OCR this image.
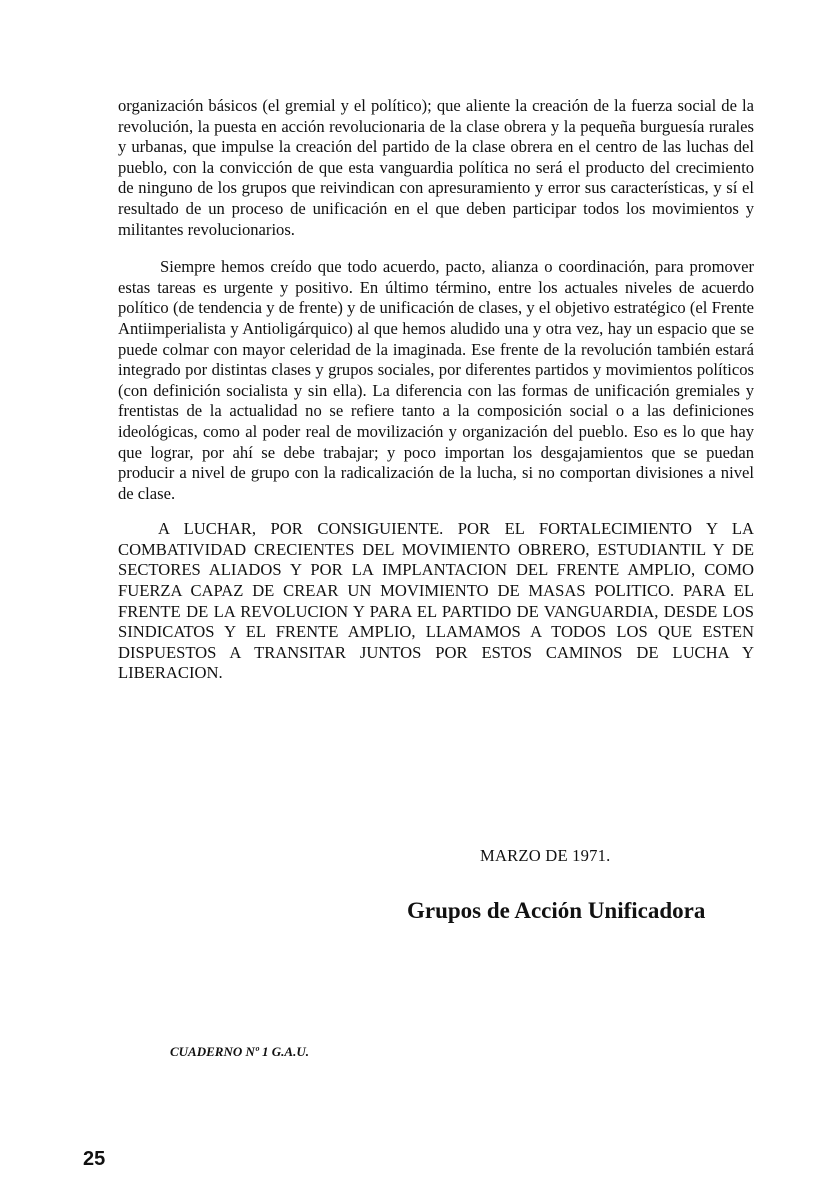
organización básicos (el gremial y el político); que aliente la creación de la fuerza social de la revolución, la puesta en acción revolucionaria de la clase obrera y la pequeña burguesía rurales y urbanas, que impulse la creación del partido de la clase obrera en el centro de las luchas del pueblo, con la convicción de que esta vanguardia política no será el producto del crecimiento de ninguno de los grupos que reivindican con apresuramiento y error sus características, y sí el resultado de un proceso de unificación en el que deben participar todos los movimientos y militantes revolucionarios.

Siempre hemos creído que todo acuerdo, pacto, alianza o coordinación, para promover estas tareas es urgente y positivo. En último término, entre los actuales niveles de acuerdo político (de tendencia y de frente) y de unificación de clases, y el objetivo estratégico (el Frente Antiimperialista y Antioligárquico) al que hemos aludido una y otra vez, hay un espacio que se puede colmar con mayor celeridad de la imaginada. Ese frente de la revolución también estará integrado por distintas clases y grupos sociales, por diferentes partidos y movimientos políticos (con definición socialista y sin ella). La diferencia con las formas de unificación gremiales y frentistas de la actualidad no se refiere tanto a la composición social o a las definiciones ideológicas, como al poder real de movilización y organización del pueblo. Eso es lo que hay que lograr, por ahí se debe trabajar; y poco importan los desgajamientos que se puedan producir a nivel de grupo con la radicalización de la lucha, si no comportan divisiones a nivel de clase.

A LUCHAR, POR CONSIGUIENTE. POR EL FORTALECIMIENTO Y LA COMBATIVIDAD CRECIENTES DEL MOVIMIENTO OBRERO, ESTUDIANTIL Y DE SECTORES ALIADOS Y POR LA IMPLANTACION DEL FRENTE AMPLIO, COMO FUERZA CAPAZ DE CREAR UN MOVIMIENTO DE MASAS POLITICO. PARA EL FRENTE DE LA REVOLUCION Y PARA EL PARTIDO DE VANGUARDIA, DESDE LOS SINDICATOS Y EL FRENTE AMPLIO, LLAMAMOS A TODOS LOS QUE ESTEN DISPUESTOS A TRANSITAR JUNTOS POR ESTOS CAMINOS DE LUCHA Y LIBERACION.

MARZO DE 1971.

Grupos de Acción Unificadora

CUADERNO Nº 1 G.A.U.

25
